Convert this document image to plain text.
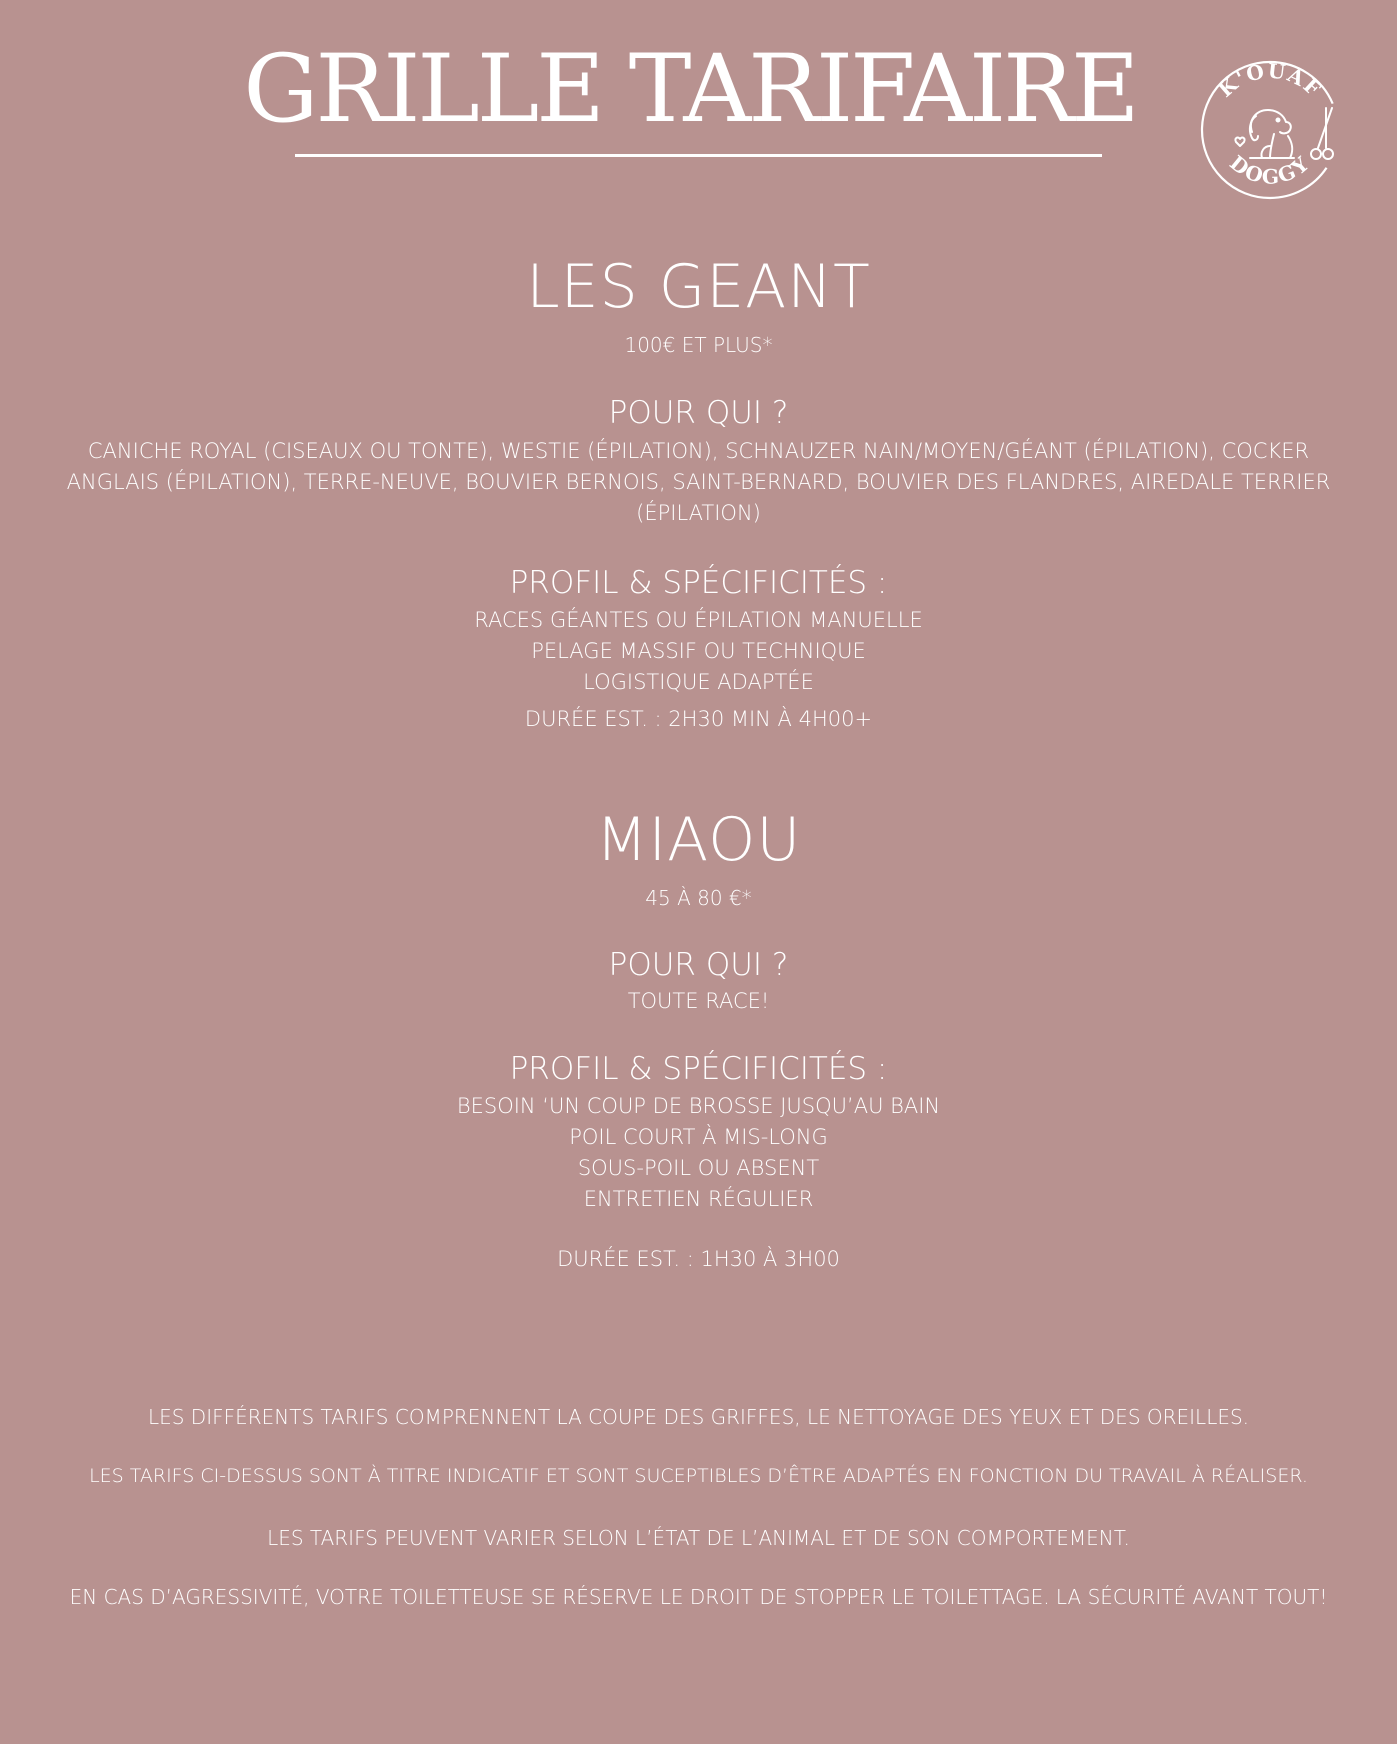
GRILLE TARIFAIRE	K'OUAF
DOGGY
LES GEANT
100€ ET PLUS*
POUR QUI ?
CANICHE ROYAL (CISEAUX OU TONTE), WESTIE (ÉPILATION), SCHNAUZER NAIN/MOYEN/GÉANT (ÉPILATION), COCKER ANGLAIS (ÉPILATION), TERRE-NEUVE, BOUVIER BERNOIS, SAINT-BERNARD, BOUVIER DES FLANDRES, AIREDALE TERRIER (ÉPILATION)
PROFIL & SPÉCIFICITÉS :
RACES GÉANTES OU ÉPILATION MANUELLE
PELAGE MASSIF OU TECHNIQUE
LOGISTIQUE ADAPTÉE
DURÉE EST. : 2H30 MIN À 4H00+
MIAOU
45 À 80 €*
POUR QUI ?
TOUTE RACE!
PROFIL & SPÉCIFICITÉS :
BESOIN ‘UN COUP DE BROSSE JUSQU’AU BAIN
POIL COURT À MIS-LONG
SOUS-POIL OU ABSENT
ENTRETIEN RÉGULIER
DURÉE EST. : 1H30 À 3H00
LES DIFFÉRENTS TARIFS COMPRENNENT LA COUPE DES GRIFFES, LE NETTOYAGE DES YEUX ET DES OREILLES.
LES TARIFS CI-DESSUS SONT À TITRE INDICATIF ET SONT SUCEPTIBLES D’ÊTRE ADAPTÉS EN FONCTION DU TRAVAIL À RÉALISER.
LES TARIFS PEUVENT VARIER SELON L’ÉTAT DE L’ANIMAL ET DE SON COMPORTEMENT.
EN CAS D’AGRESSIVITÉ, VOTRE TOILETTEUSE SE RÉSERVE LE DROIT DE STOPPER LE TOILETTAGE. LA SÉCURITÉ AVANT TOUT!
